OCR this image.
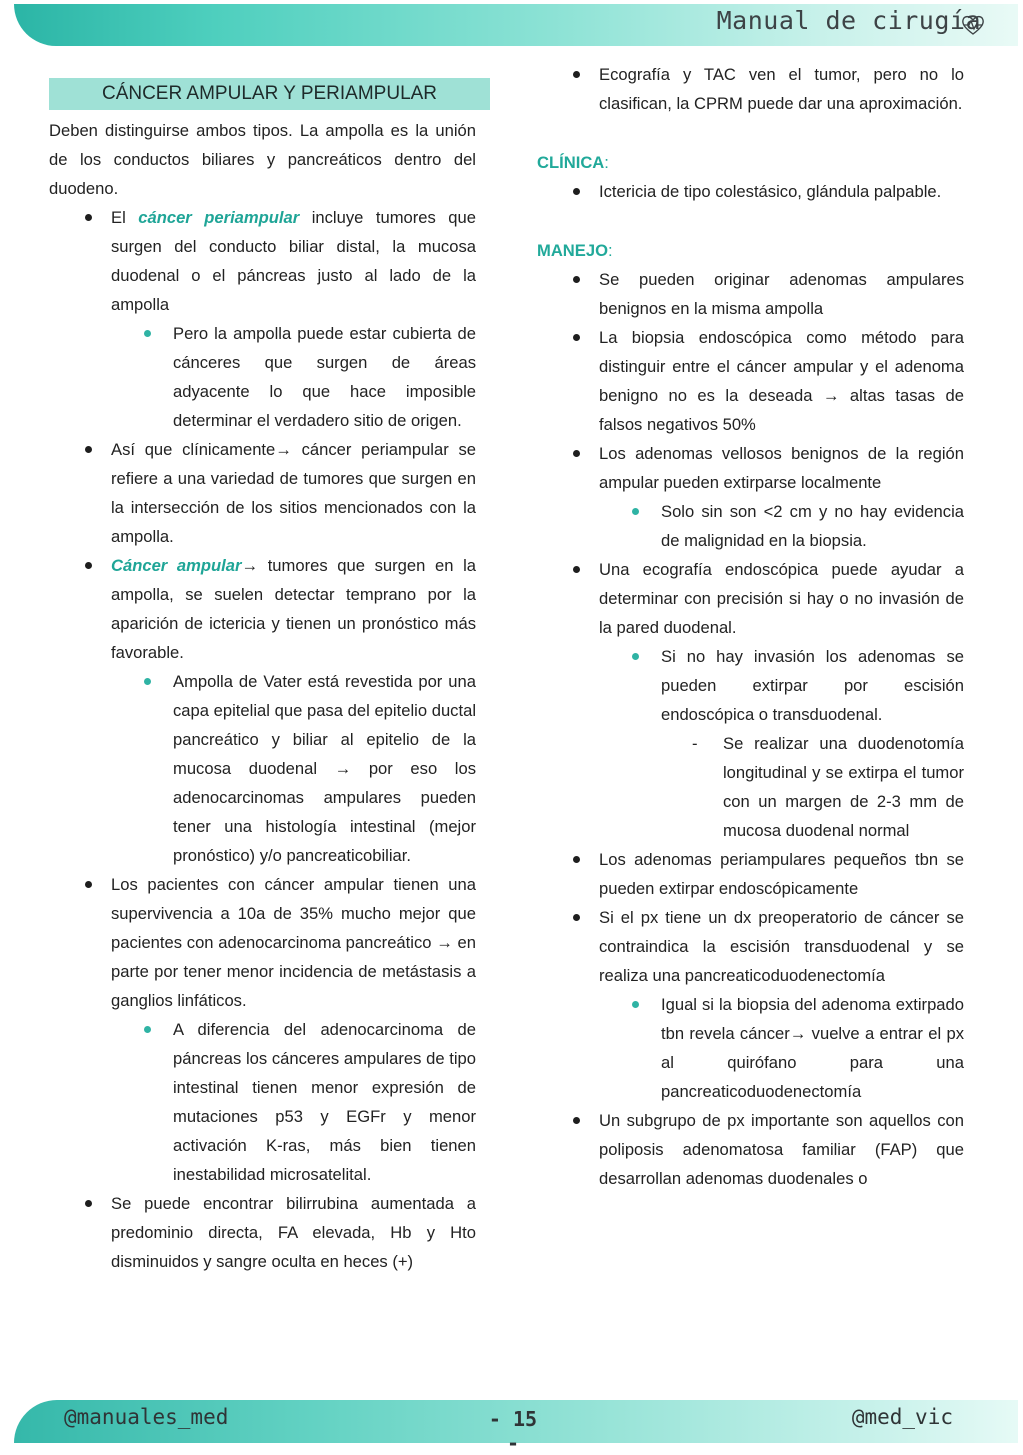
Manual de cirugía
CÁNCER AMPULAR Y PERIAMPULAR

Deben distinguirse ambos tipos. La ampolla es la unión de los conductos biliares y pancreáticos dentro del duodeno.

El cáncer periampular incluye tumores que surgen del conducto biliar distal, la mucosa duodenal o el páncreas justo al lado de la ampolla
Pero la ampolla puede estar cubierta de cánceres que surgen de áreas adyacente lo que hace imposible determinar el verdadero sitio de origen.
Así que clínicamente→ cáncer periampular se refiere a una variedad de tumores que surgen en la intersección de los sitios mencionados con la ampolla.
Cáncer ampular→ tumores que surgen en la ampolla, se suelen detectar temprano por la aparición de ictericia y tienen un pronóstico más favorable.
Ampolla de Vater está revestida por una capa epitelial que pasa del epitelio ductal pancreático y biliar al epitelio de la mucosa duodenal → por eso los adenocarcinomas ampulares pueden tener una histología intestinal (mejor pronóstico) y/o pancreaticobiliar.
Los pacientes con cáncer ampular tienen una supervivencia a 10a de 35% mucho mejor que pacientes con adenocarcinoma pancreático → en parte por tener menor incidencia de metástasis a ganglios linfáticos.
A diferencia del adenocarcinoma de páncreas los cánceres ampulares de tipo intestinal tienen menor expresión de mutaciones p53 y EGFr y menor activación K-ras, más bien tienen inestabilidad microsatelital.
Se puede encontrar bilirrubina aumentada a predominio directa, FA elevada, Hb y Hto disminuidos y sangre oculta en heces (+)
Ecografía y TAC ven el tumor, pero no lo clasifican, la CPRM puede dar una aproximación.
CLÍNICA:
Ictericia de tipo colestásico, glándula palpable.
MANEJO:
Se pueden originar adenomas ampulares benignos en la misma ampolla
La biopsia endoscópica como método para distinguir entre el cáncer ampular y el adenoma benigno no es la deseada → altas tasas de falsos negativos 50%
Los adenomas vellosos benignos de la región ampular pueden extirparse localmente
Solo sin son <2 cm y no hay evidencia de malignidad en la biopsia.
Una ecografía endoscópica puede ayudar a determinar con precisión si hay o no invasión de la pared duodenal.
Si no hay invasión los adenomas se pueden extirpar por escisión endoscópica o transduodenal.
- Se realizar una duodenotomía longitudinal y se extirpa el tumor con un margen de 2-3 mm de mucosa duodenal normal
Los adenomas periampulares pequeños tbn se pueden extirpar endoscópicamente
Si el px tiene un dx preoperatorio de cáncer se contraindica la escisión transduodenal y se realiza una pancreaticoduodenectomía
Igual si la biopsia del adenoma extirpado tbn revela cáncer→ vuelve a entrar el px al quirófano para una pancreaticoduodenectomía
Un subgrupo de px importante son aquellos con poliposis adenomatosa familiar (FAP) que desarrollan adenomas duodenales o
@manuales_med	- 15 -
@med_vic
